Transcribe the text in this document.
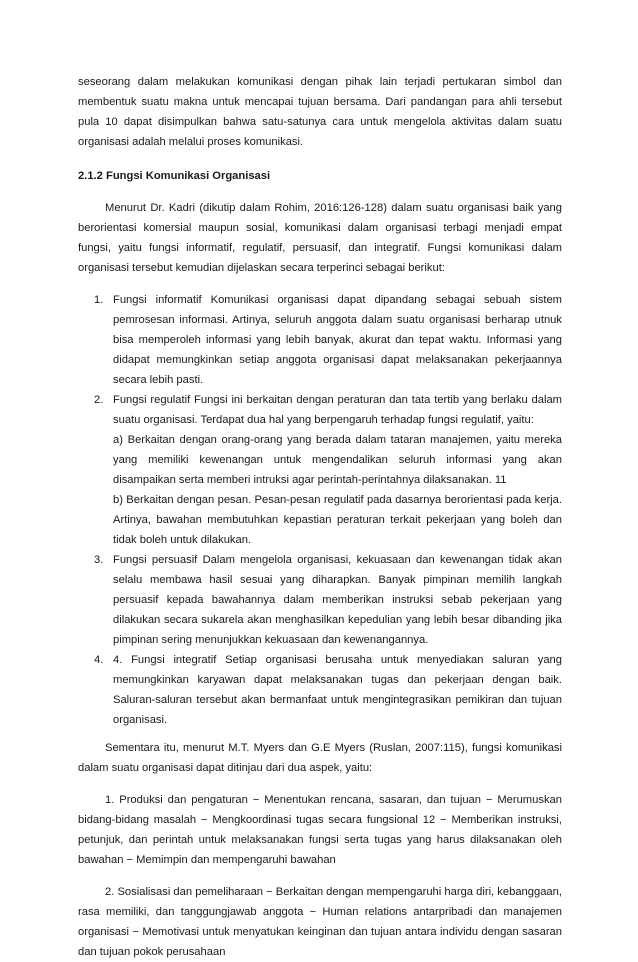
seseorang dalam melakukan komunikasi dengan pihak lain terjadi pertukaran simbol dan membentuk suatu makna untuk mencapai tujuan bersama. Dari pandangan para ahli tersebut pula 10 dapat disimpulkan bahwa satu-satunya cara untuk mengelola aktivitas dalam suatu organisasi adalah melalui proses komunikasi.

2.1.2 Fungsi Komunikasi Organisasi

Menurut Dr. Kadri (dikutip dalam Rohim, 2016:126-128) dalam suatu organisasi baik yang berorientasi komersial maupun sosial, komunikasi dalam organisasi terbagi menjadi empat fungsi, yaitu fungsi informatif, regulatif, persuasif, dan integratif. Fungsi komunikasi dalam organisasi tersebut kemudian dijelaskan secara terperinci sebagai berikut:

1. Fungsi informatif Komunikasi organisasi dapat dipandang sebagai sebuah sistem pemrosesan informasi. Artinya, seluruh anggota dalam suatu organisasi berharap utnuk bisa memperoleh informasi yang lebih banyak, akurat dan tepat waktu. Informasi yang didapat memungkinkan setiap anggota organisasi dapat melaksanakan pekerjaannya secara lebih pasti.
2. Fungsi regulatif Fungsi ini berkaitan dengan peraturan dan tata tertib yang berlaku dalam suatu organisasi. Terdapat dua hal yang berpengaruh terhadap fungsi regulatif, yaitu:
a) Berkaitan dengan orang-orang yang berada dalam tataran manajemen, yaitu mereka yang memiliki kewenangan untuk mengendalikan seluruh informasi yang akan disampaikan serta memberi intruksi agar perintah-perintahnya dilaksanakan. 11
b) Berkaitan dengan pesan. Pesan-pesan regulatif pada dasarnya berorientasi pada kerja. Artinya, bawahan membutuhkan kepastian peraturan terkait pekerjaan yang boleh dan tidak boleh untuk dilakukan.
3. Fungsi persuasif Dalam mengelola organisasi, kekuasaan dan kewenangan tidak akan selalu membawa hasil sesuai yang diharapkan. Banyak pimpinan memilih langkah persuasif kepada bawahannya dalam memberikan instruksi sebab pekerjaan yang dilakukan secara sukarela akan menghasilkan kepedulian yang lebih besar dibanding jika pimpinan sering menunjukkan kekuasaan dan kewenangannya.
4. 4. Fungsi integratif Setiap organisasi berusaha untuk menyediakan saluran yang memungkinkan karyawan dapat melaksanakan tugas dan pekerjaan dengan baik. Saluran-saluran tersebut akan bermanfaat untuk mengintegrasikan pemikiran dan tujuan organisasi.

Sementara itu, menurut M.T. Myers dan G.E Myers (Ruslan, 2007:115), fungsi komunikasi dalam suatu organisasi dapat ditinjau dari dua aspek, yaitu:

1. Produksi dan pengaturan − Menentukan rencana, sasaran, dan tujuan − Merumuskan bidang-bidang masalah − Mengkoordinasi tugas secara fungsional 12 − Memberikan instruksi, petunjuk, dan perintah untuk melaksanakan fungsi serta tugas yang harus dilaksanakan oleh bawahan − Memimpin dan mempengaruhi bawahan

2. Sosialisasi dan pemeliharaan − Berkaitan dengan mempengaruhi harga diri, kebanggaan, rasa memiliki, dan tanggungjawab anggota − Human relations antarpribadi dan manajemen organisasi − Memotivasi untuk menyatukan keinginan dan tujuan antara individu dengan sasaran dan tujuan pokok perusahaan
